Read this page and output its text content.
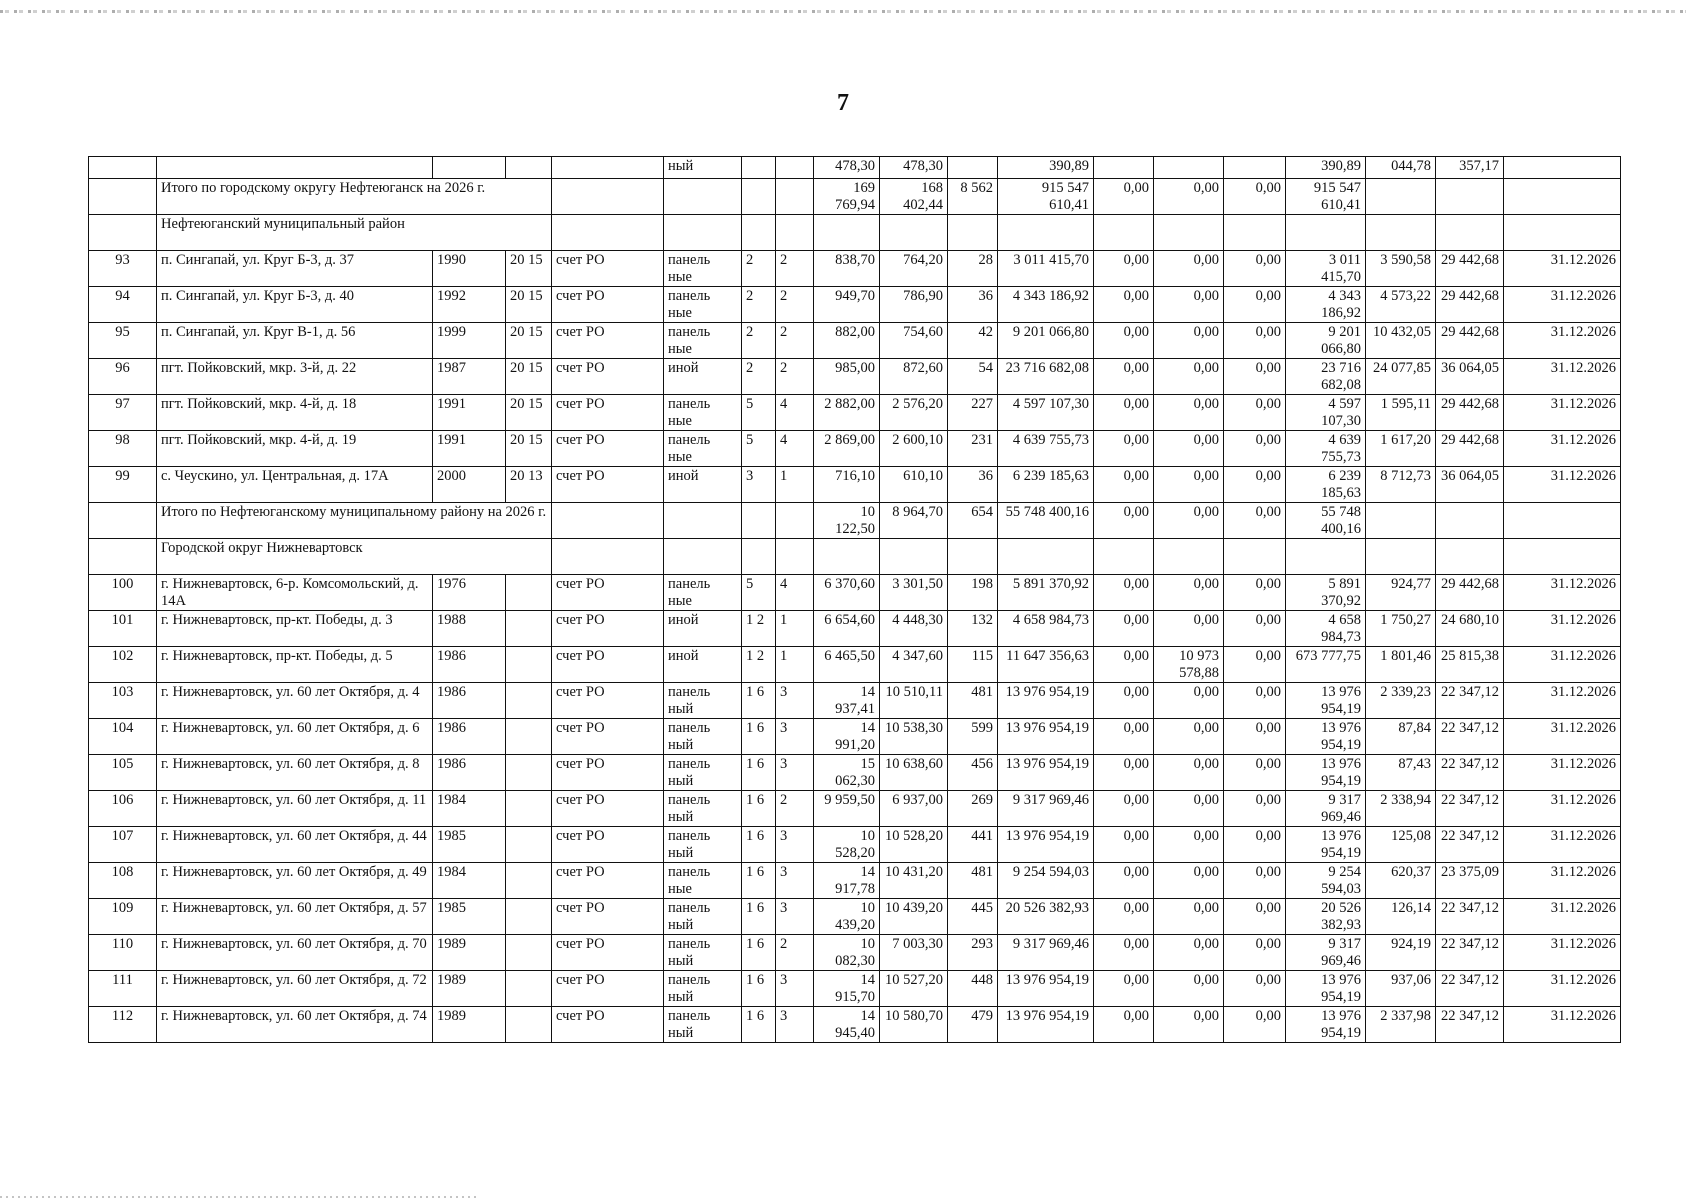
7
					ный			478,30	478,30		390,89				390,89	044,78	357,17	
	Итого по городскому округу Нефтеюганск на 2026 г.							169 769,94	168 402,44	8 562	915 547 610,41	0,00	0,00	0,00	915 547 610,41			
	Нефтеюганский муниципальный район																	
93	п. Сингапай, ул. Круг Б-3, д. 37	1990	20 15	счет РО	панель ные	2	2	838,70	764,20	28	3 011 415,70	0,00	0,00	0,00	3 011 415,70	3 590,58	29 442,68	31.12.2026
94	п. Сингапай, ул. Круг Б-3, д. 40	1992	20 15	счет РО	панель ные	2	2	949,70	786,90	36	4 343 186,92	0,00	0,00	0,00	4 343 186,92	4 573,22	29 442,68	31.12.2026
95	п. Сингапай, ул. Круг В-1, д. 56	1999	20 15	счет РО	панель ные	2	2	882,00	754,60	42	9 201 066,80	0,00	0,00	0,00	9 201 066,80	10 432,05	29 442,68	31.12.2026
96	пгт. Пойковский, мкр. 3-й, д. 22	1987	20 15	счет РО	иной	2	2	985,00	872,60	54	23 716 682,08	0,00	0,00	0,00	23 716 682,08	24 077,85	36 064,05	31.12.2026
97	пгт. Пойковский, мкр. 4-й, д. 18	1991	20 15	счет РО	панель ные	5	4	2 882,00	2 576,20	227	4 597 107,30	0,00	0,00	0,00	4 597 107,30	1 595,11	29 442,68	31.12.2026
98	пгт. Пойковский, мкр. 4-й, д. 19	1991	20 15	счет РО	панель ные	5	4	2 869,00	2 600,10	231	4 639 755,73	0,00	0,00	0,00	4 639 755,73	1 617,20	29 442,68	31.12.2026
99	с. Чеускино, ул. Центральная, д. 17А	2000	20 13	счет РО	иной	3	1	716,10	610,10	36	6 239 185,63	0,00	0,00	0,00	6 239 185,63	8 712,73	36 064,05	31.12.2026
	Итого по Нефтеюганскому муниципальному району на 2026 г.							10 122,50	8 964,70	654	55 748 400,16	0,00	0,00	0,00	55 748 400,16			
	Городской округ Нижневартовск																	
100	г. Нижневартовск, 6-р. Комсомольский, д. 14А	1976		счет РО	панель ные	5	4	6 370,60	3 301,50	198	5 891 370,92	0,00	0,00	0,00	5 891 370,92	924,77	29 442,68	31.12.2026
101	г. Нижневартовск, пр-кт. Победы, д. 3	1988		счет РО	иной	1 2	1	6 654,60	4 448,30	132	4 658 984,73	0,00	0,00	0,00	4 658 984,73	1 750,27	24 680,10	31.12.2026
102	г. Нижневартовск, пр-кт. Победы, д. 5	1986		счет РО	иной	1 2	1	6 465,50	4 347,60	115	11 647 356,63	0,00	10 973 578,88	0,00	673 777,75	1 801,46	25 815,38	31.12.2026
103	г. Нижневартовск, ул. 60 лет Октября, д. 4	1986		счет РО	панель ный	1 6	3	14 937,41	10 510,11	481	13 976 954,19	0,00	0,00	0,00	13 976 954,19	2 339,23	22 347,12	31.12.2026
104	г. Нижневартовск, ул. 60 лет Октября, д. 6	1986		счет РО	панель ный	1 6	3	14 991,20	10 538,30	599	13 976 954,19	0,00	0,00	0,00	13 976 954,19	87,84	22 347,12	31.12.2026
105	г. Нижневартовск, ул. 60 лет Октября, д. 8	1986		счет РО	панель ный	1 6	3	15 062,30	10 638,60	456	13 976 954,19	0,00	0,00	0,00	13 976 954,19	87,43	22 347,12	31.12.2026
106	г. Нижневартовск, ул. 60 лет Октября, д. 11	1984		счет РО	панель ный	1 6	2	9 959,50	6 937,00	269	9 317 969,46	0,00	0,00	0,00	9 317 969,46	2 338,94	22 347,12	31.12.2026
107	г. Нижневартовск, ул. 60 лет Октября, д. 44	1985		счет РО	панель ный	1 6	3	10 528,20	10 528,20	441	13 976 954,19	0,00	0,00	0,00	13 976 954,19	125,08	22 347,12	31.12.2026
108	г. Нижневартовск, ул. 60 лет Октября, д. 49	1984		счет РО	панель ные	1 6	3	14 917,78	10 431,20	481	9 254 594,03	0,00	0,00	0,00	9 254 594,03	620,37	23 375,09	31.12.2026
109	г. Нижневартовск, ул. 60 лет Октября, д. 57	1985		счет РО	панель ный	1 6	3	10 439,20	10 439,20	445	20 526 382,93	0,00	0,00	0,00	20 526 382,93	126,14	22 347,12	31.12.2026
110	г. Нижневартовск, ул. 60 лет Октября, д. 70	1989		счет РО	панель ный	1 6	2	10 082,30	7 003,30	293	9 317 969,46	0,00	0,00	0,00	9 317 969,46	924,19	22 347,12	31.12.2026
111	г. Нижневартовск, ул. 60 лет Октября, д. 72	1989		счет РО	панель ный	1 6	3	14 915,70	10 527,20	448	13 976 954,19	0,00	0,00	0,00	13 976 954,19	937,06	22 347,12	31.12.2026
112	г. Нижневартовск, ул. 60 лет Октября, д. 74	1989		счет РО	панель ный	1 6	3	14 945,40	10 580,70	479	13 976 954,19	0,00	0,00	0,00	13 976 954,19	2 337,98	22 347,12	31.12.2026
